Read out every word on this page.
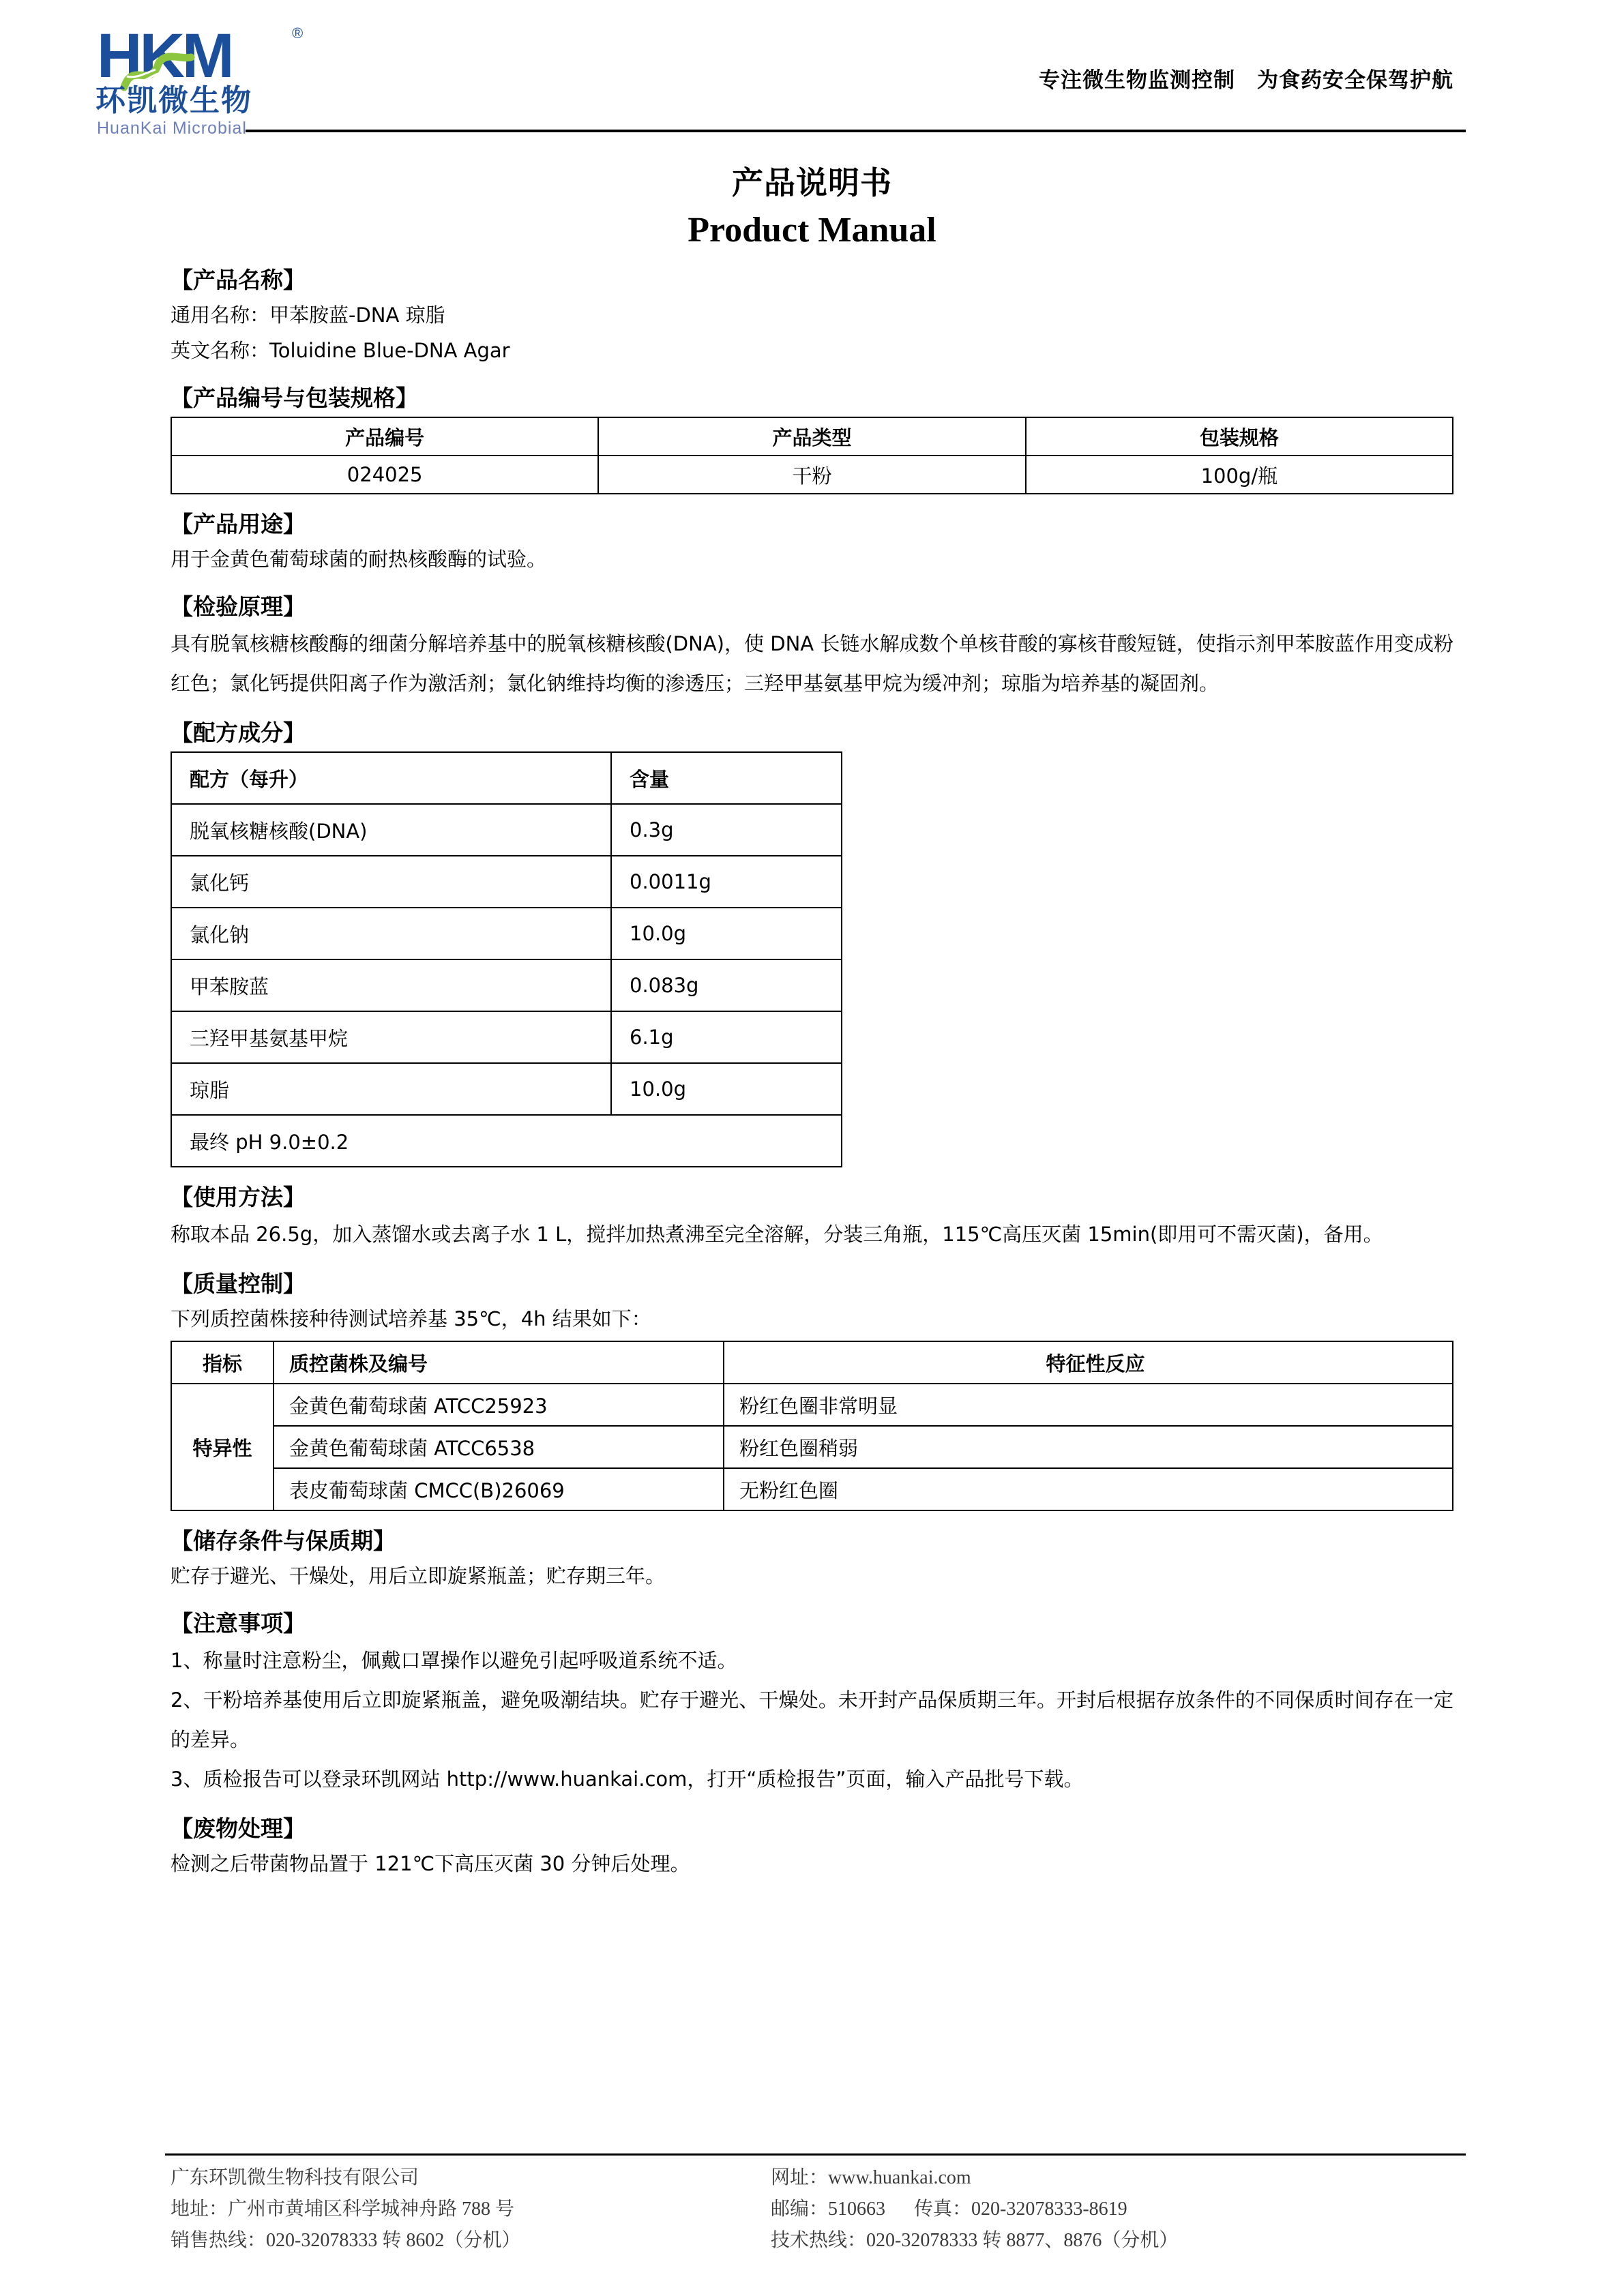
HKM	®
环凯微生物
HuanKai Microbial
专注微生物监测控制　为食药安全保驾护航
产品说明书
Product Manual
【产品名称】

通用名称：甲苯胺蓝-DNA 琼脂

英文名称：Toluidine Blue-DNA Agar

【产品编号与包装规格】
产品编号	产品类型	包装规格
024025	干粉	100g/瓶
【产品用途】

用于金黄色葡萄球菌的耐热核酸酶的试验。

【检验原理】

具有脱氧核糖核酸酶的细菌分解培养基中的脱氧核糖核酸(DNA)，使 DNA 长链水解成数个单核苷酸的寡核苷酸短链，使指示剂甲苯胺蓝作用变成粉红色；氯化钙提供阳离子作为激活剂；氯化钠维持均衡的渗透压；三羟甲基氨基甲烷为缓冲剂；琼脂为培养基的凝固剂。

【配方成分】
配方（每升）	含量
脱氧核糖核酸(DNA)	0.3g
氯化钙	0.0011g
氯化钠	10.0g
甲苯胺蓝	0.083g
三羟甲基氨基甲烷	6.1g
琼脂	10.0g
最终 pH 9.0±0.2	
【使用方法】

称取本品 26.5g，加入蒸馏水或去离子水 1 L，搅拌加热煮沸至完全溶解，分装三角瓶，115℃高压灭菌 15min(即用可不需灭菌)，备用。

【质量控制】

下列质控菌株接种待测试培养基 35℃，4h 结果如下：

指标	质控菌株及编号	特征性反应
特异性	金黄色葡萄球菌 ATCC25923	粉红色圈非常明显
	金黄色葡萄球菌 ATCC6538	粉红色圈稍弱
	表皮葡萄球菌 CMCC(B)26069	无粉红色圈
【储存条件与保质期】

贮存于避光、干燥处，用后立即旋紧瓶盖；贮存期三年。

【注意事项】

1、称量时注意粉尘，佩戴口罩操作以避免引起呼吸道系统不适。

2、干粉培养基使用后立即旋紧瓶盖，避免吸潮结块。贮存于避光、干燥处。未开封产品保质期三年。开封后根据存放条件的不同保质时间存在一定的差异。

3、质检报告可以登录环凯网站 http://www.huankai.com，打开“质检报告”页面，输入产品批号下载。

【废物处理】

检测之后带菌物品置于 121℃下高压灭菌 30 分钟后处理。

广东环凯微生物科技有限公司
地址：广州市黄埔区科学城神舟路 788 号
销售热线：020-32078333 转 8602（分机）
网址：www.huankai.com
邮编：510663      传真：020-32078333-8619
技术热线：020-32078333 转 8877、8876（分机）
